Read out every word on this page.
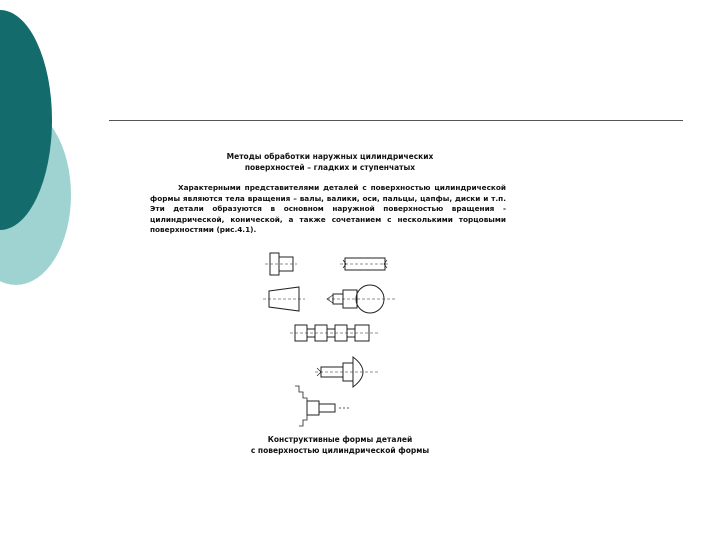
Методы обработки наружных цилиндрических
поверхностей – гладких и ступенчатых
Характерными представителями деталей с поверхностью цилиндрической формы являются тела вращения – валы, валики, оси, пальцы, цапфы, диски и т.п. Эти детали образуются в основном наружной поверхностью вращения - цилиндрической, конической, а также сочетанием с несколькими торцовыми поверхностями (рис.4.1).
Конструктивные формы деталей
с поверхностью цилиндрической формы
